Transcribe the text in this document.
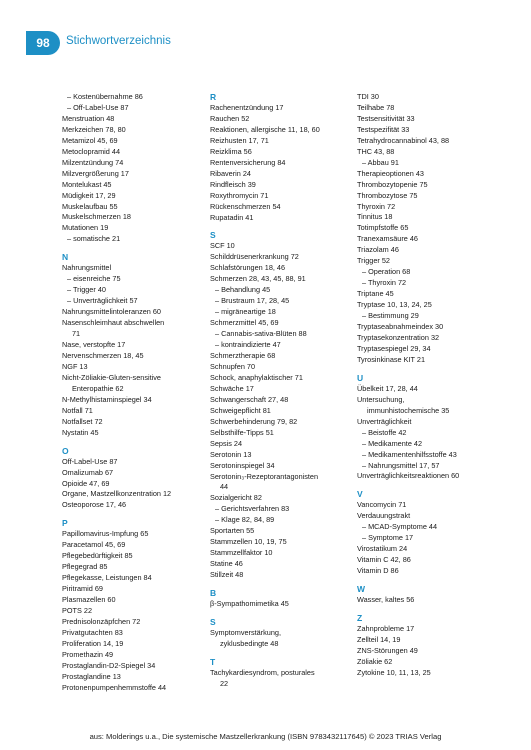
98	Stichwortverzeichnis
– Kostenübernahme 86
– Off-Label-Use 87
Menstruation 48
Merkzeichen 78, 80
Metamizol 45, 69
Metoclopramid 44
Milzentzündung 74
Milzvergrößerung 17
Montelukast 45
Müdigkeit 17, 29
Muskelaufbau 55
Muskelschmerzen 18
Mutationen 19
– somatische 21
N
Nahrungsmittel
– eisenreiche 75
– Trigger 40
– Unverträglichkeit 57
Nahrungsmittelintoleranzen 60
Nasenschleimhaut abschwellen
71
Nase, verstopfte 17
Nervenschmerzen 18, 45
NGF 13
Nicht-Zöliakie-Gluten-sensitive
Enteropathie 62
N-Methylhistaminspiegel 34
Notfall 71
Notfallset 72
Nystatin 45
O
Off-Label-Use 87
Omalizumab 67
Opioide 47, 69
Organe, Mastzellkonzentration 12
Osteoporose 17, 46
P
Papillomavirus-Impfung 65
Paracetamol 45, 69
Pflegebedürftigkeit 85
Pflegegrad 85
Pflegekasse, Leistungen 84
Piritramid 69
Plasmazellen 60
POTS 22
Prednisolonzäpfchen 72
Privatgutachten 83
Proliferation 14, 19
Promethazin 49
Prostaglandin-D2-Spiegel 34
Prostaglandine 13
Protonenpumpenhemmstoffe 44
R
Rachenentzündung 17
Rauchen 52
Reaktionen, allergische 11, 18, 60
Reizhusten 17, 71
Reizklima 56
Rentenversicherung 84
Ribaverin 24
Rindfleisch 39
Roxythromycin 71
Rückenschmerzen 54
Rupatadin 41
S
SCF 10
Schilddrüsenerkrankung 72
Schlafstörungen 18, 46
Schmerzen 28, 43, 45, 88, 91
– Behandlung 45
– Brustraum 17, 28, 45
– migräneartige 18
Schmerzmittel 45, 69
– Cannabis-sativa-Blüten 88
– kontraindizierte 47
Schmerztherapie 68
Schnupfen 70
Schock, anaphylaktischer 71
Schwäche 17
Schwangerschaft 27, 48
Schweigepflicht 81
Schwerbehinderung 79, 82
Selbsthilfe-Tipps 51
Sepsis 24
Serotonin 13
Serotoninspiegel 34
Serotonin₃-Rezeptorantagonisten
44
Sozialgericht 82
– Gerichtsverfahren 83
– Klage 82, 84, 89
Sportarten 55
Stammzellen 10, 19, 75
Stammzellfaktor 10
Statine 46
Stillzeit 48
B
β-Sympathomimetika 45
S
Symptomverstärkung,
zyklusbedingte 48
T
Tachykardiesyndrom, posturales
22
TDI 30
Teilhabe 78
Testsensitivität 33
Testspezifität 33
Tetrahydrocannabinol 43, 88
THC 43, 88
– Abbau 91
Therapieoptionen 43
Thrombozytopenie 75
Thrombozytose 75
Thyroxin 72
Tinnitus 18
Totimpfstoffe 65
Tranexamsäure 46
Triazolam 46
Trigger 52
– Operation 68
– Thyroxin 72
Triptane 45
Tryptase 10, 13, 24, 25
– Bestimmung 29
Tryptaseabnahmeindex 30
Tryptasekonzentration 32
Tryptasespiegel 29, 34
Tyrosinkinase KIT 21
U
Übelkeit 17, 28, 44
Untersuchung,
immunhistochemische 35
Unverträglichkeit
– Beistoffe 42
– Medikamente 42
– Medikamentenhilfsstoffe 43
– Nahrungsmittel 17, 57
Unverträglichkeitsreaktionen 60
V
Vancomycin 71
Verdauungstrakt
– MCAD-Symptome 44
– Symptome 17
Virostatikum 24
Vitamin C 42, 86
Vitamin D 86
W
Wasser, kaltes 56
Z
Zahnprobleme 17
Zellteil 14, 19
ZNS-Störungen 49
Zöliakie 62
Zytokine 10, 11, 13, 25
aus: Molderings u.a., Die systemische Mastzellerkrankung (ISBN 9783432117645) © 2023 TRIAS Verlag
